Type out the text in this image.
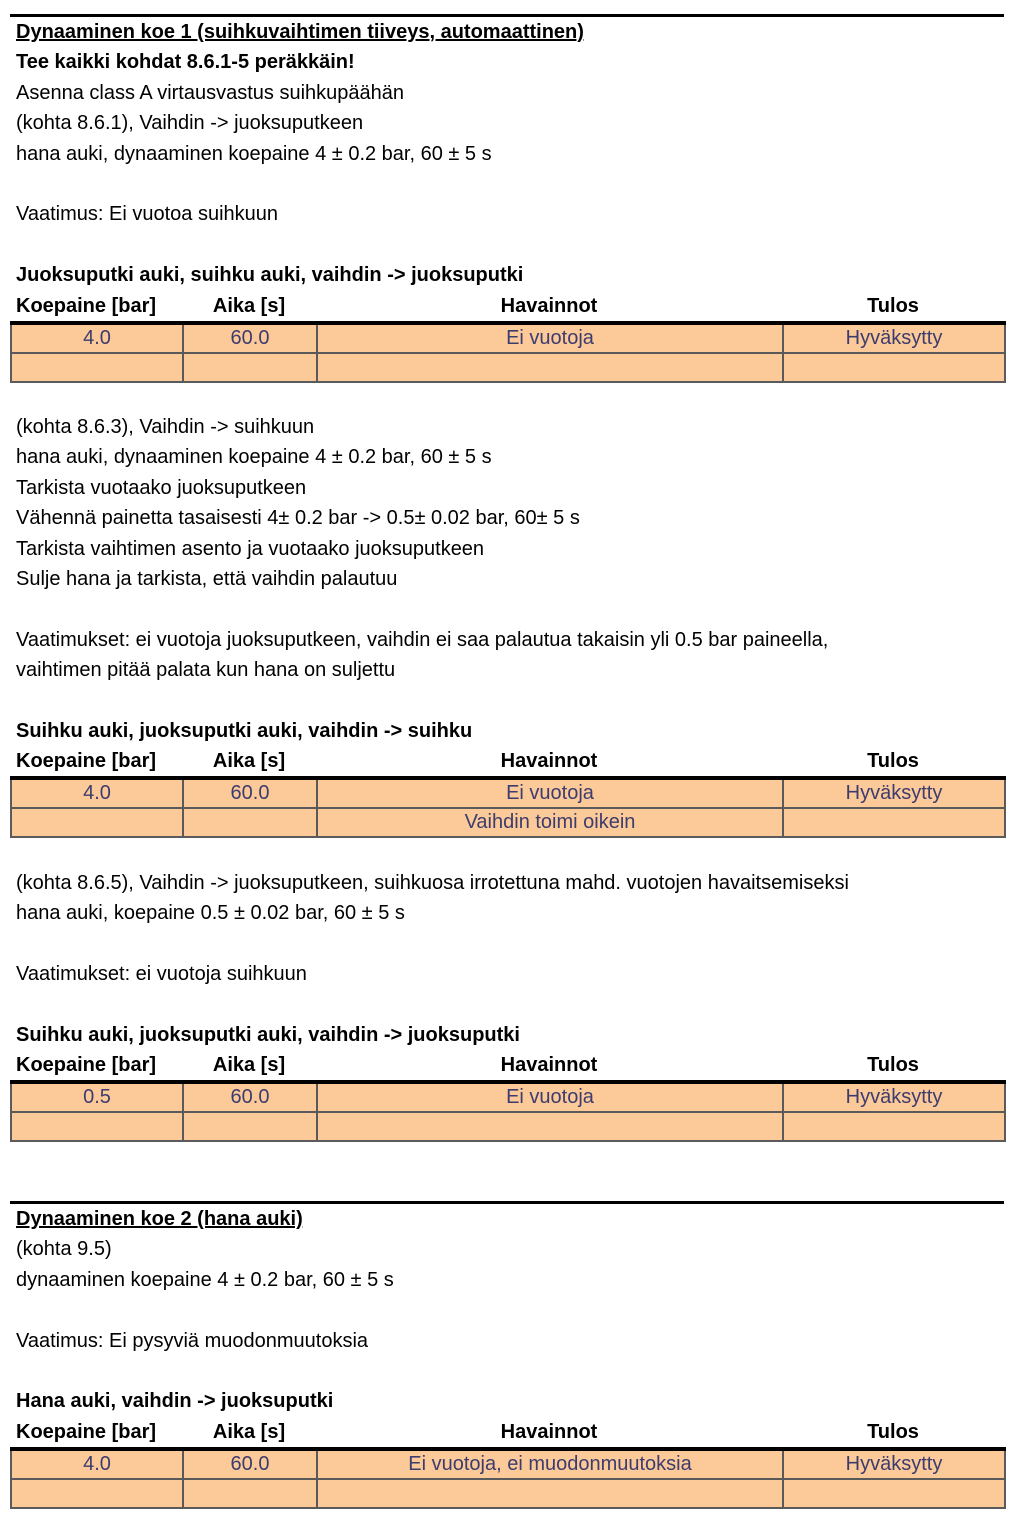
Dynaaminen koe 1 (suihkuvaihtimen tiiveys, automaattinen)
Tee kaikki kohdat 8.6.1-5 peräkkäin!
Asenna class A virtausvastus suihkupäähän
(kohta 8.6.1), Vaihdin -> juoksuputkeen
hana auki, dynaaminen koepaine 4 ± 0.2 bar, 60 ± 5 s
Vaatimus: Ei vuotoa suihkuun
Juoksuputki auki, suihku auki, vaihdin -> juoksuputki
Koepaine [bar]	Aika [s]	Havainnot	Tulos
4.0	60.0	Ei vuotoja	Hyväksytty

(kohta 8.6.3), Vaihdin -> suihkuun
hana auki, dynaaminen koepaine 4 ± 0.2 bar, 60 ± 5 s
Tarkista vuotaako juoksuputkeen
Vähennä painetta tasaisesti 4± 0.2 bar -> 0.5± 0.02 bar, 60± 5 s
Tarkista vaihtimen asento ja vuotaako juoksuputkeen
Sulje hana ja tarkista, että vaihdin palautuu
Vaatimukset: ei vuotoja juoksuputkeen, vaihdin ei saa palautua takaisin yli 0.5 bar paineella,
vaihtimen pitää palata kun hana on suljettu
Suihku auki, juoksuputki auki, vaihdin -> suihku
Koepaine [bar]	Aika [s]	Havainnot	Tulos
4.0	60.0	Ei vuotoja	Hyväksytty
		Vaihdin toimi oikein	
(kohta 8.6.5), Vaihdin -> juoksuputkeen, suihkuosa irrotettuna mahd. vuotojen havaitsemiseksi
hana auki, koepaine 0.5 ± 0.02 bar, 60 ± 5 s
Vaatimukset: ei vuotoja suihkuun
Suihku auki, juoksuputki auki, vaihdin -> juoksuputki
Koepaine [bar]	Aika [s]	Havainnot	Tulos
0.5	60.0	Ei vuotoja	Hyväksytty

Dynaaminen koe 2 (hana auki)
(kohta 9.5)
dynaaminen koepaine 4 ± 0.2 bar, 60 ± 5 s
Vaatimus: Ei pysyviä muodonmuutoksia
Hana auki, vaihdin -> juoksuputki
Koepaine [bar]	Aika [s]	Havainnot	Tulos
4.0	60.0	Ei vuotoja, ei muodonmuutoksia	Hyväksytty
